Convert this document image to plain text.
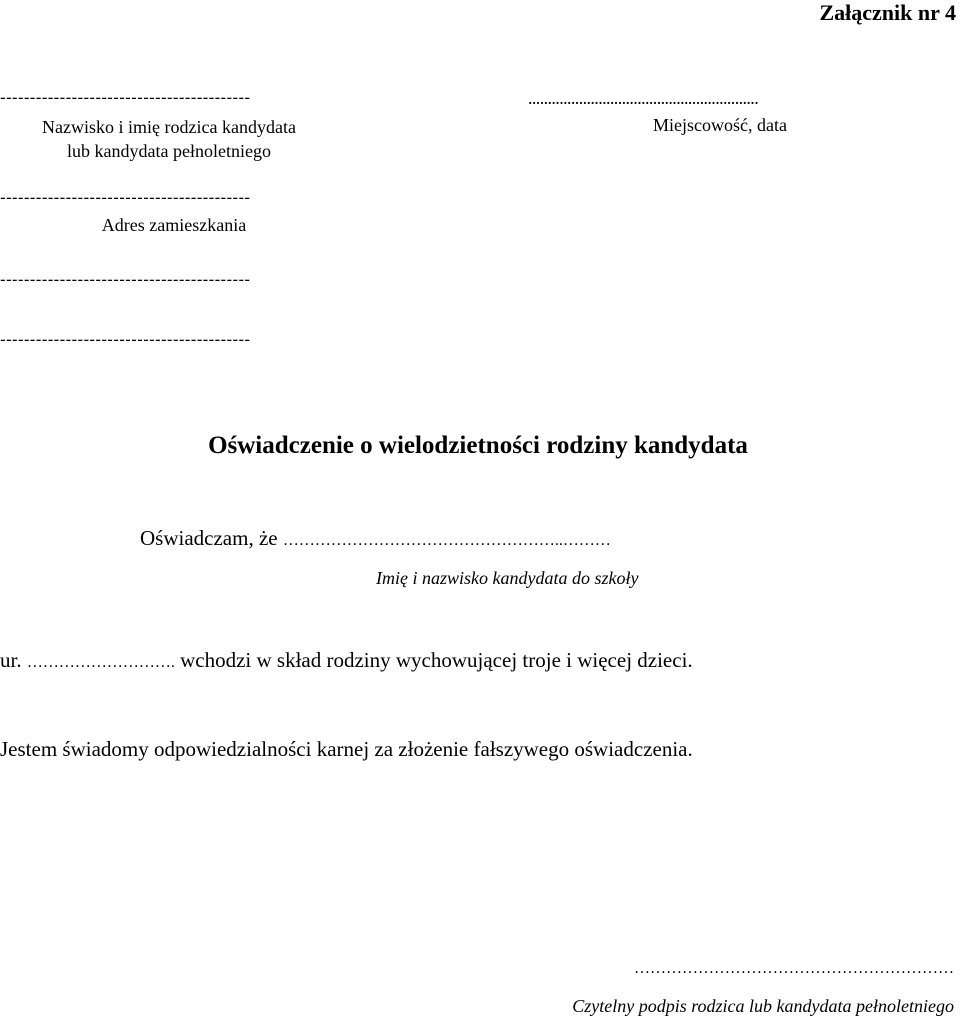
Załącznik nr 4
------------------------------------------
Nazwisko i imię rodzica kandydata
lub kandydata pełnoletniego
------------------------------------------
Adres zamieszkania
------------------------------------------
------------------------------------------
...........................................................
Miejscowość, data
Oświadczenie o wielodzietności rodziny kandydata
Oświadczam, że ……………………………………………..………
Imię i nazwisko kandydata do szkoły
ur. ………………………. wchodzi w skład rodziny wychowującej troje i więcej dzieci.
Jestem świadomy odpowiedzialności karnej za złożenie fałszywego oświadczenia.
……………………………………………………
Czytelny podpis rodzica lub kandydata pełnoletniego
